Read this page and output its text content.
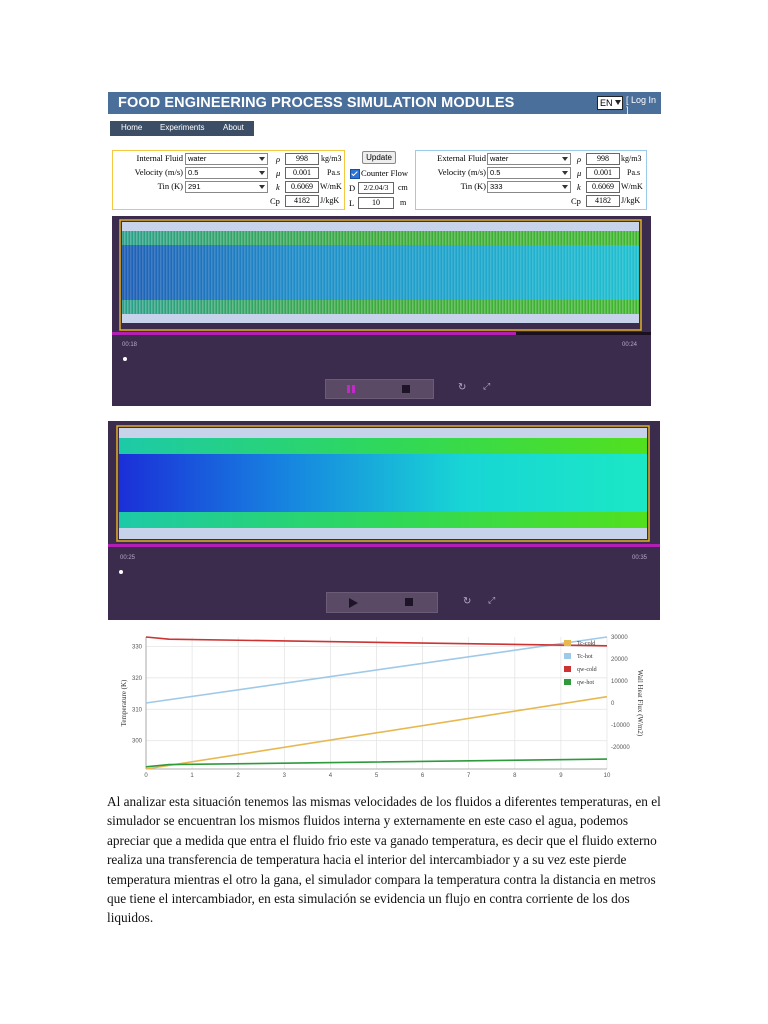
FOOD ENGINEERING PROCESS SIMULATION MODULES	EN	[ Log In ]
Home Experiments About
Internal Fluid water
Velocity (m/s) 0.5
Tin (K) 291
ρ	998	kg/m3
μ	0.001	Pa.s
k	0.6069 W/mK
Cp	4182	J/kgK
Update
Counter Flow
D	2/2.04/3	cm
L	10	m
External Fluid water
Velocity (m/s) 0.5
Tin (K) 333
ρ	998	kg/m3
μ	0.001	Pa.s
k	0.6069 W/mK
Cp	4182	J/kgK
00:18	00:24
↻ ⤢
00:25	00:35
↻ ⤢
0	1	2	3	4	5	6	7	8	9	10
300
310
320
330
30000
20000
10000
0
-10000
-20000
Temperature (K)	Wall Heat Flux (W/m2)
Tc-cold
Tc-hot
qw-cold
qw-hot

Al analizar esta situación tenemos las mismas velocidades de los fluidos a diferentes temperaturas, en el simulador se encuentran los mismos fluidos interna y externamente en este caso el agua, podemos apreciar que a medida que entra el fluido frio este va ganado temperatura, es decir que el fluido externo realiza una transferencia de temperatura hacia el interior del intercambiador y a su vez este pierde temperatura mientras el otro la gana, el simulador compara la temperatura contra la distancia en metros que tiene el intercambiador, en esta simulación se evidencia un flujo en contra corriente de los dos liquidos.
